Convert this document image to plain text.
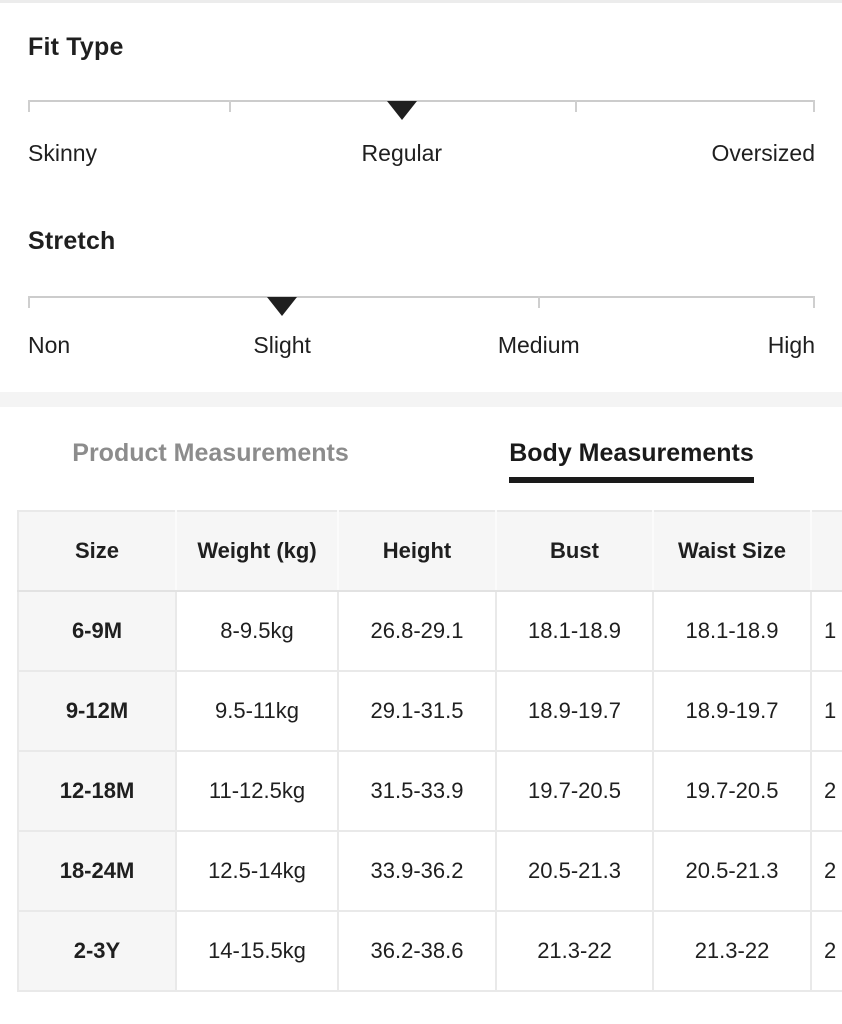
Fit Type
Skinny	Regular	Oversized
Stretch
Non	Slight	Medium	High
Product Measurements	Body Measurements
Size	Weight (kg)	Height	Bust	Waist Size	
6-9M	8-9.5kg	26.8-29.1	18.1-18.9	18.1-18.9	1
9-12M	9.5-11kg	29.1-31.5	18.9-19.7	18.9-19.7	1
12-18M	11-12.5kg	31.5-33.9	19.7-20.5	19.7-20.5	2
18-24M	12.5-14kg	33.9-36.2	20.5-21.3	20.5-21.3	2
2-3Y	14-15.5kg	36.2-38.6	21.3-22	21.3-22	2
